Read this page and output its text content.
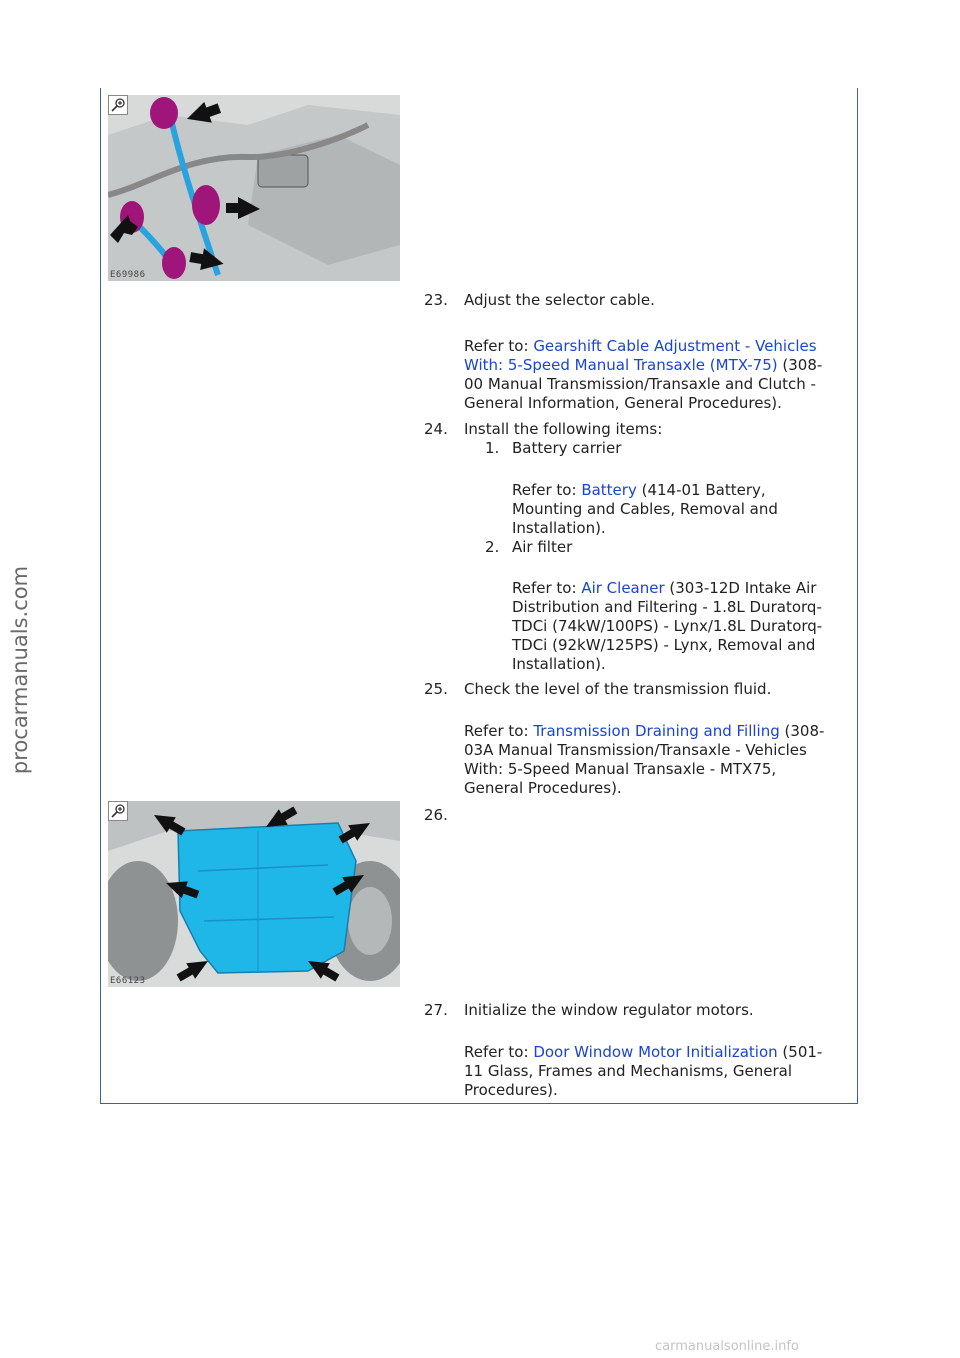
procarmanuals.com
E69986
23. Adjust the selector cable.
Refer to: Gearshift Cable Adjustment - Vehicles
With: 5-Speed Manual Transaxle (MTX-75) (308-
00 Manual Transmission/Transaxle and Clutch -
General Information, General Procedures).
24. Install the following items:
1. Battery carrier
Refer to: Battery (414-01 Battery,
Mounting and Cables, Removal and
Installation).
2. Air filter
Refer to: Air Cleaner (303-12D Intake Air
Distribution and Filtering - 1.8L Duratorq-
TDCi (74kW/100PS) - Lynx/1.8L Duratorq-
TDCi (92kW/125PS) - Lynx, Removal and
Installation).
25. Check the level of the transmission fluid.
Refer to: Transmission Draining and Filling (308-
03A Manual Transmission/Transaxle - Vehicles
With: 5-Speed Manual Transaxle - MTX75,
General Procedures).
E66123
26.
27. Initialize the window regulator motors.
Refer to: Door Window Motor Initialization (501-
11 Glass, Frames and Mechanisms, General
Procedures).
carmanualsonline.info
